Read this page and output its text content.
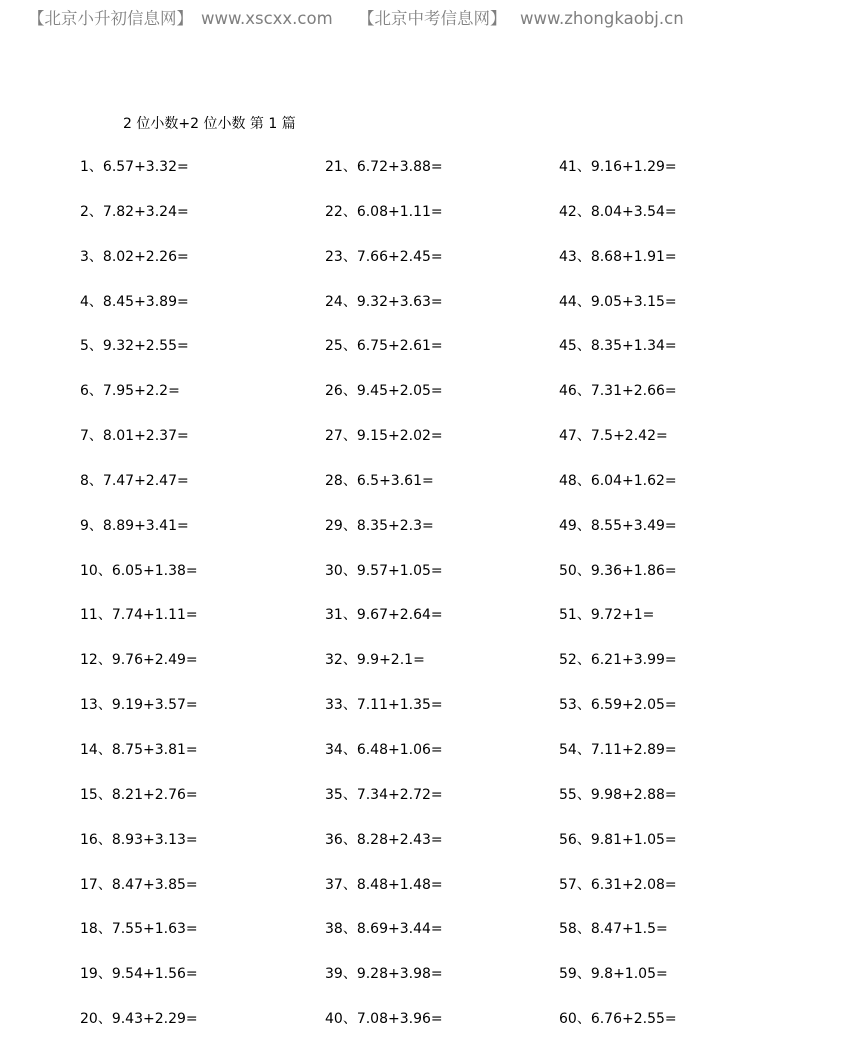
【北京小升初信息网】 www.xscxx.com 【北京中考信息网】 www.zhongkaobj.cn
2 位小数+2 位小数 第 1 篇
1、6.57+3.32=
2、7.82+3.24=
3、8.02+2.26=
4、8.45+3.89=
5、9.32+2.55=
6、7.95+2.2=
7、8.01+2.37=
8、7.47+2.47=
9、8.89+3.41=
10、6.05+1.38=
11、7.74+1.11=
12、9.76+2.49=
13、9.19+3.57=
14、8.75+3.81=
15、8.21+2.76=
16、8.93+3.13=
17、8.47+3.85=
18、7.55+1.63=
19、9.54+1.56=
20、9.43+2.29=
21、6.72+3.88=
22、6.08+1.11=
23、7.66+2.45=
24、9.32+3.63=
25、6.75+2.61=
26、9.45+2.05=
27、9.15+2.02=
28、6.5+3.61=
29、8.35+2.3=
30、9.57+1.05=
31、9.67+2.64=
32、9.9+2.1=
33、7.11+1.35=
34、6.48+1.06=
35、7.34+2.72=
36、8.28+2.43=
37、8.48+1.48=
38、8.69+3.44=
39、9.28+3.98=
40、7.08+3.96=
41、9.16+1.29=
42、8.04+3.54=
43、8.68+1.91=
44、9.05+3.15=
45、8.35+1.34=
46、7.31+2.66=
47、7.5+2.42=
48、6.04+1.62=
49、8.55+3.49=
50、9.36+1.86=
51、9.72+1=
52、6.21+3.99=
53、6.59+2.05=
54、7.11+2.89=
55、9.98+2.88=
56、9.81+1.05=
57、6.31+2.08=
58、8.47+1.5=
59、9.8+1.05=
60、6.76+2.55=
